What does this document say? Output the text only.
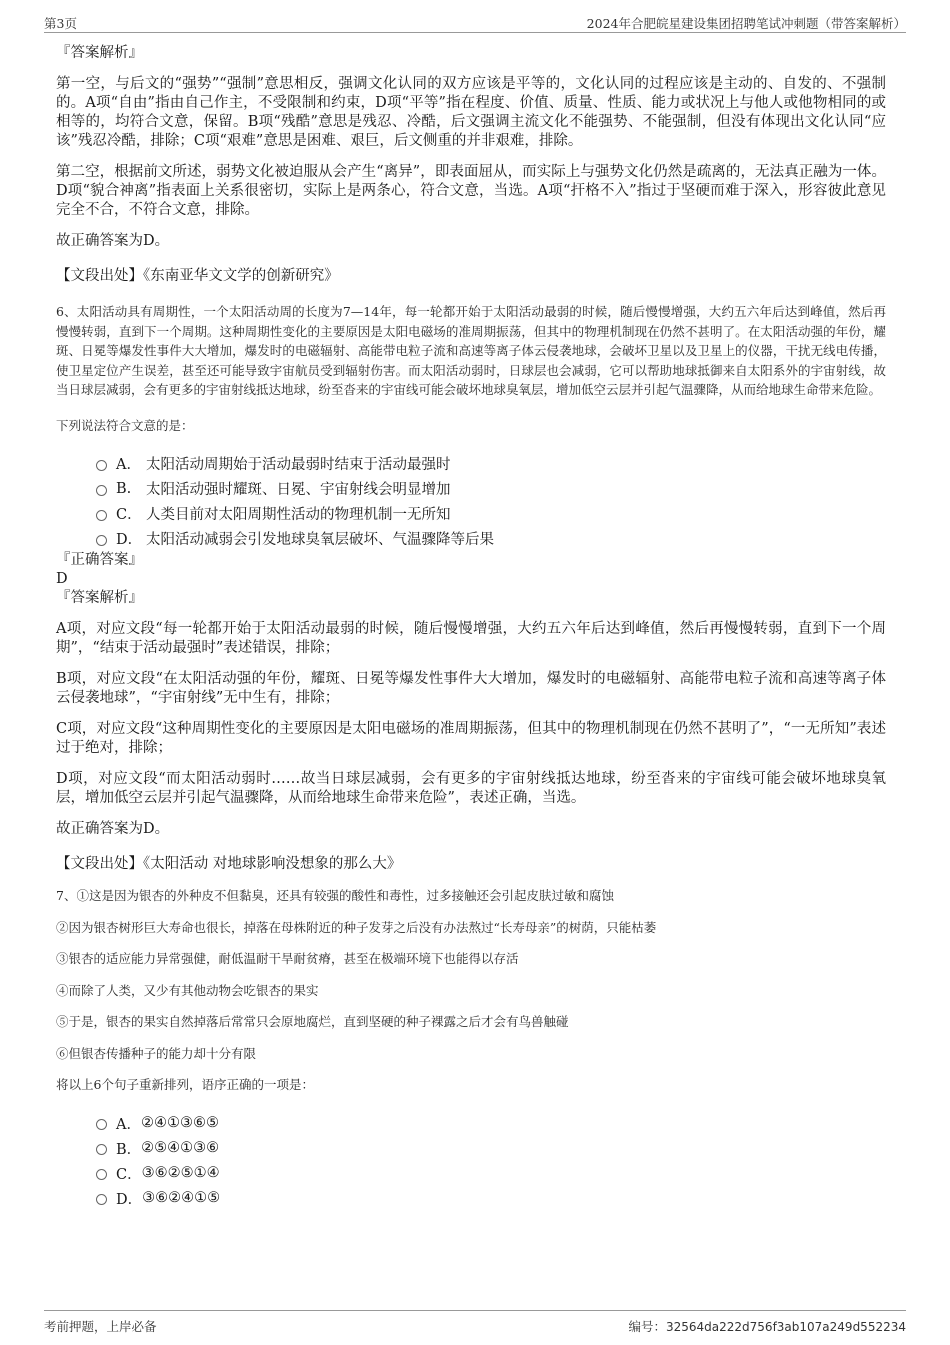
第3页	2024年合肥皖星建设集团招聘笔试冲刺题（带答案解析）

『答案解析』

第一空，与后文的“强势”“强制”意思相反，强调文化认同的双方应该是平等的，文化认同的过程应该是主动的、自发的、不强制的。A项“自由”指由自己作主，不受限制和约束，D项“平等”指在程度、价值、质量、性质、能力或状况上与他人或他物相同的或相等的，均符合文意，保留。B项“残酷”意思是残忍、冷酷，后文强调主流文化不能强势、不能强制，但没有体现出文化认同“应该”残忍冷酷，排除；C项“艰难”意思是困难、艰巨，后文侧重的并非艰难，排除。

第二空，根据前文所述，弱势文化被迫服从会产生“离异”，即表面屈从，而实际上与强势文化仍然是疏离的，无法真正融为一体。D项“貌合神离”指表面上关系很密切，实际上是两条心，符合文意，当选。A项“扞格不入”指过于坚硬而难于深入，形容彼此意见完全不合，不符合文意，排除。

故正确答案为D。

【文段出处】《东南亚华文文学的创新研究》

6、太阳活动具有周期性，一个太阳活动周的长度为7—14年，每一轮都开始于太阳活动最弱的时候，随后慢慢增强，大约五六年后达到峰值，然后再慢慢转弱，直到下一个周期。这种周期性变化的主要原因是太阳电磁场的准周期振荡，但其中的物理机制现在仍然不甚明了。在太阳活动强的年份，耀斑、日冕等爆发性事件大大增加，爆发时的电磁辐射、高能带电粒子流和高速等离子体云侵袭地球，会破坏卫星以及卫星上的仪器，干扰无线电传播，使卫星定位产生误差，甚至还可能导致宇宙航员受到辐射伤害。而太阳活动弱时，日球层也会减弱，它可以帮助地球抵御来自太阳系外的宇宙射线，故当日球层减弱，会有更多的宇宙射线抵达地球，纷至沓来的宇宙线可能会破坏地球臭氧层，增加低空云层并引起气温骤降，从而给地球生命带来危险。

下列说法符合文意的是：

A． 太阳活动周期始于活动最弱时结束于活动最强时
B.	太阳活动强时耀斑、日冕、宇宙射线会明显增加
C． 人类目前对太阳周期性活动的物理机制一无所知
D． 太阳活动减弱会引发地球臭氧层破坏、气温骤降等后果

『正确答案』

D

『答案解析』

A项，对应文段“每一轮都开始于太阳活动最弱的时候，随后慢慢增强，大约五六年后达到峰值，然后再慢慢转弱，直到下一个周期”，“结束于活动最强时”表述错误，排除；

B项，对应文段“在太阳活动强的年份，耀斑、日冕等爆发性事件大大增加，爆发时的电磁辐射、高能带电粒子流和高速等离子体云侵袭地球”，“宇宙射线”无中生有，排除；

C项，对应文段“这种周期性变化的主要原因是太阳电磁场的准周期振荡，但其中的物理机制现在仍然不甚明了”，“一无所知”表述过于绝对，排除；

D项，对应文段“而太阳活动弱时……故当日球层减弱，会有更多的宇宙射线抵达地球，纷至沓来的宇宙线可能会破坏地球臭氧层，增加低空云层并引起气温骤降，从而给地球生命带来危险”，表述正确，当选。

故正确答案为D。

【文段出处】《太阳活动 对地球影响没想象的那么大》

7、①这是因为银杏的外种皮不但黏臭，还具有较强的酸性和毒性，过多接触还会引起皮肤过敏和腐蚀

②因为银杏树形巨大寿命也很长，掉落在母株附近的种子发芽之后没有办法熬过“长寿母亲”的树荫，只能枯萎

③银杏的适应能力异常强健，耐低温耐干旱耐贫瘠，甚至在极端环境下也能得以存活

④而除了人类，又少有其他动物会吃银杏的果实

⑤于是，银杏的果实自然掉落后常常只会原地腐烂，直到坚硬的种子裸露之后才会有鸟兽触碰

⑥但银杏传播种子的能力却十分有限

将以上6个句子重新排列，语序正确的一项是：

A． ②④①③⑥⑤
B． ②⑤④①③⑥
C． ③⑥②⑤①④
D． ③⑥②④①⑤
考前押题，上岸必备	编号：32564da222d756f3ab107a249d552234
